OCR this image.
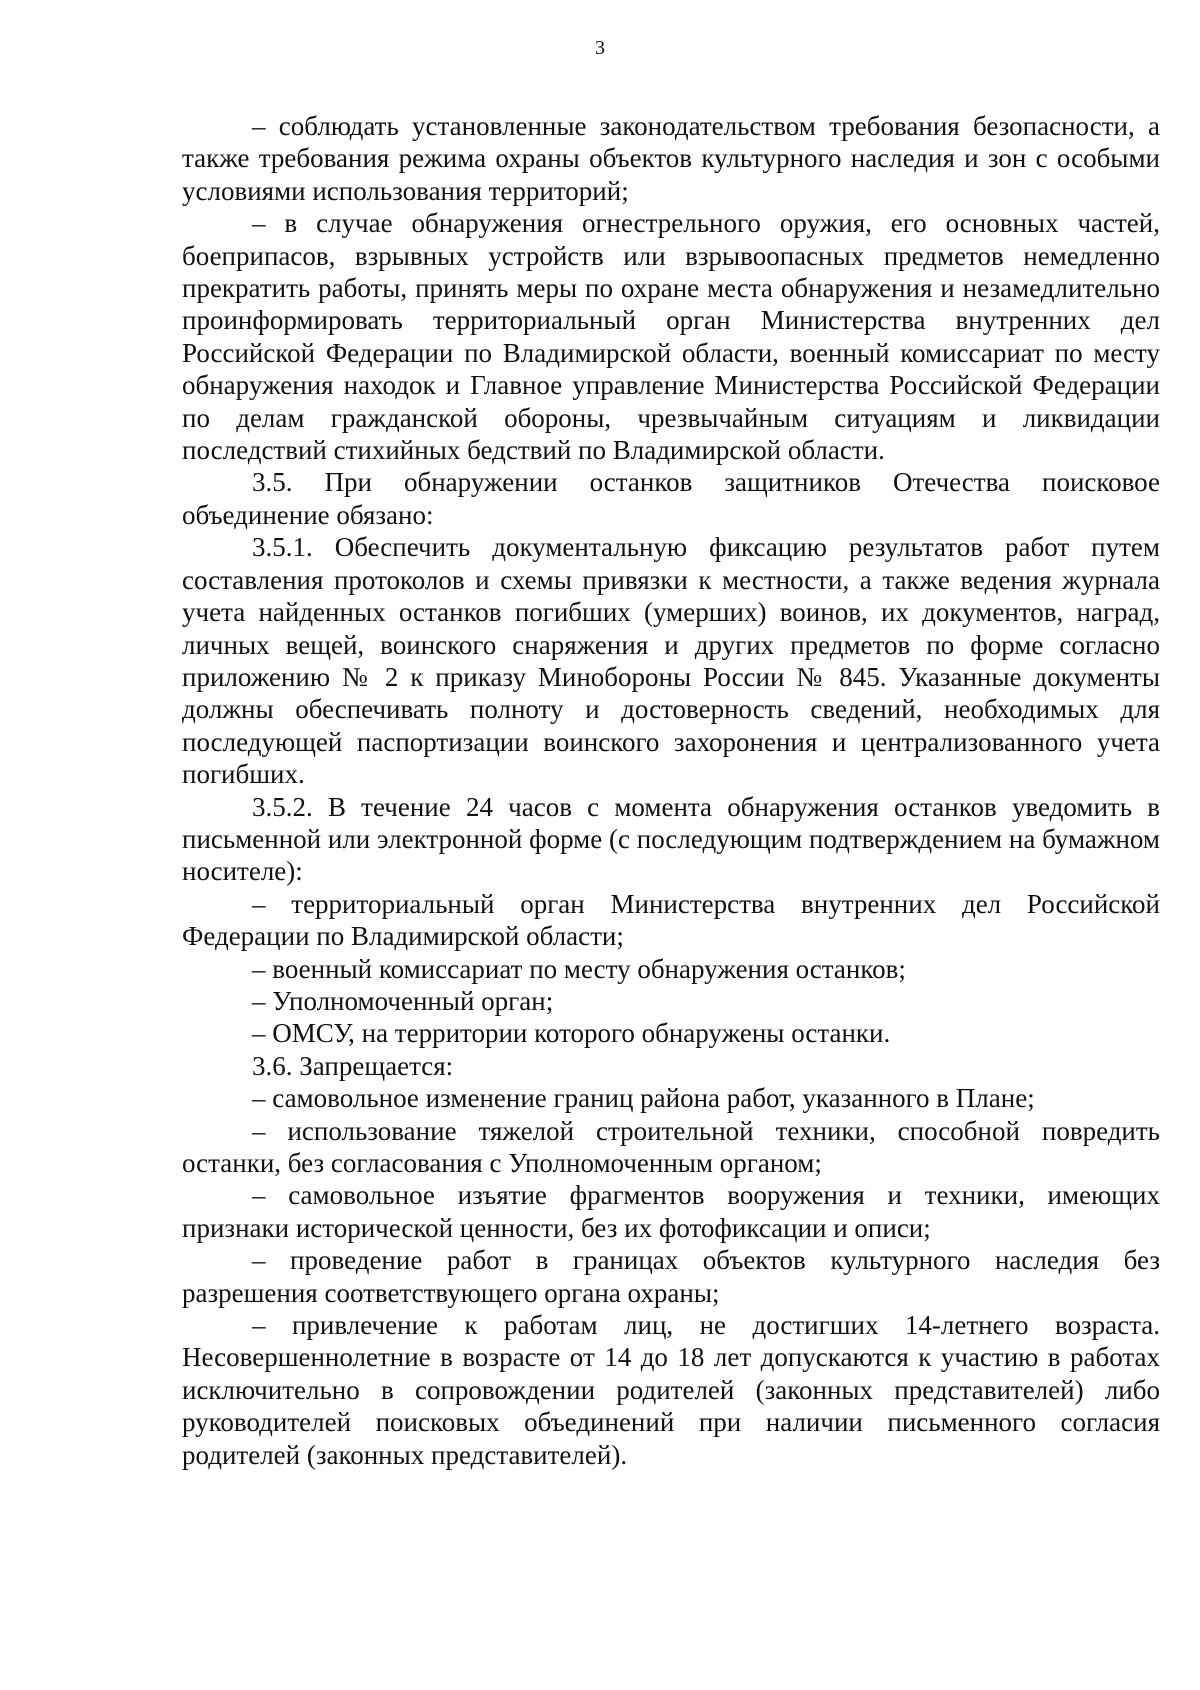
3

– соблюдать установленные законодательством требования безопасности, а также требования режима охраны объектов культурного наследия и зон с особыми условиями использования территорий;

– в случае обнаружения огнестрельного оружия, его основных частей, боеприпасов, взрывных устройств или взрывоопасных предметов немедленно прекратить работы, принять меры по охране места обнаружения и незамедлительно проинформировать территориальный орган Министерства внутренних дел Российской Федерации по Владимирской области, военный комиссариат по месту обнаружения находок и Главное управление Министерства Российской Федерации по делам гражданской обороны, чрезвычайным ситуациям и ликвидации последствий стихийных бедствий по Владимирской области.

3.5. При обнаружении останков защитников Отечества поисковое объединение обязано:

3.5.1. Обеспечить документальную фиксацию результатов работ путем составления протоколов и схемы привязки к местности, а также ведения журнала учета найденных останков погибших (умерших) воинов, их документов, наград, личных вещей, воинского снаряжения и других предметов по форме согласно приложению № 2 к приказу Минобороны России № 845. Указанные документы должны обеспечивать полноту и достоверность сведений, необходимых для последующей паспортизации воинского захоронения и централизованного учета погибших.

3.5.2. В течение 24 часов с момента обнаружения останков уведомить в письменной или электронной форме (с последующим подтверждением на бумажном носителе):

– территориальный орган Министерства внутренних дел Российской Федерации по Владимирской области;

– военный комиссариат по месту обнаружения останков;

– Уполномоченный орган;

– ОМСУ, на территории которого обнаружены останки.

3.6. Запрещается:

– самовольное изменение границ района работ, указанного в Плане;

– использование тяжелой строительной техники, способной повредить останки, без согласования с Уполномоченным органом;

– самовольное изъятие фрагментов вооружения и техники, имеющих признаки исторической ценности, без их фотофиксации и описи;

– проведение работ в границах объектов культурного наследия без разрешения соответствующего органа охраны;

– привлечение к работам лиц, не достигших 14-летнего возраста. Несовершеннолетние в возрасте от 14 до 18 лет допускаются к участию в работах исключительно в сопровождении родителей (законных представителей) либо руководителей поисковых объединений при наличии письменного согласия родителей (законных представителей).
